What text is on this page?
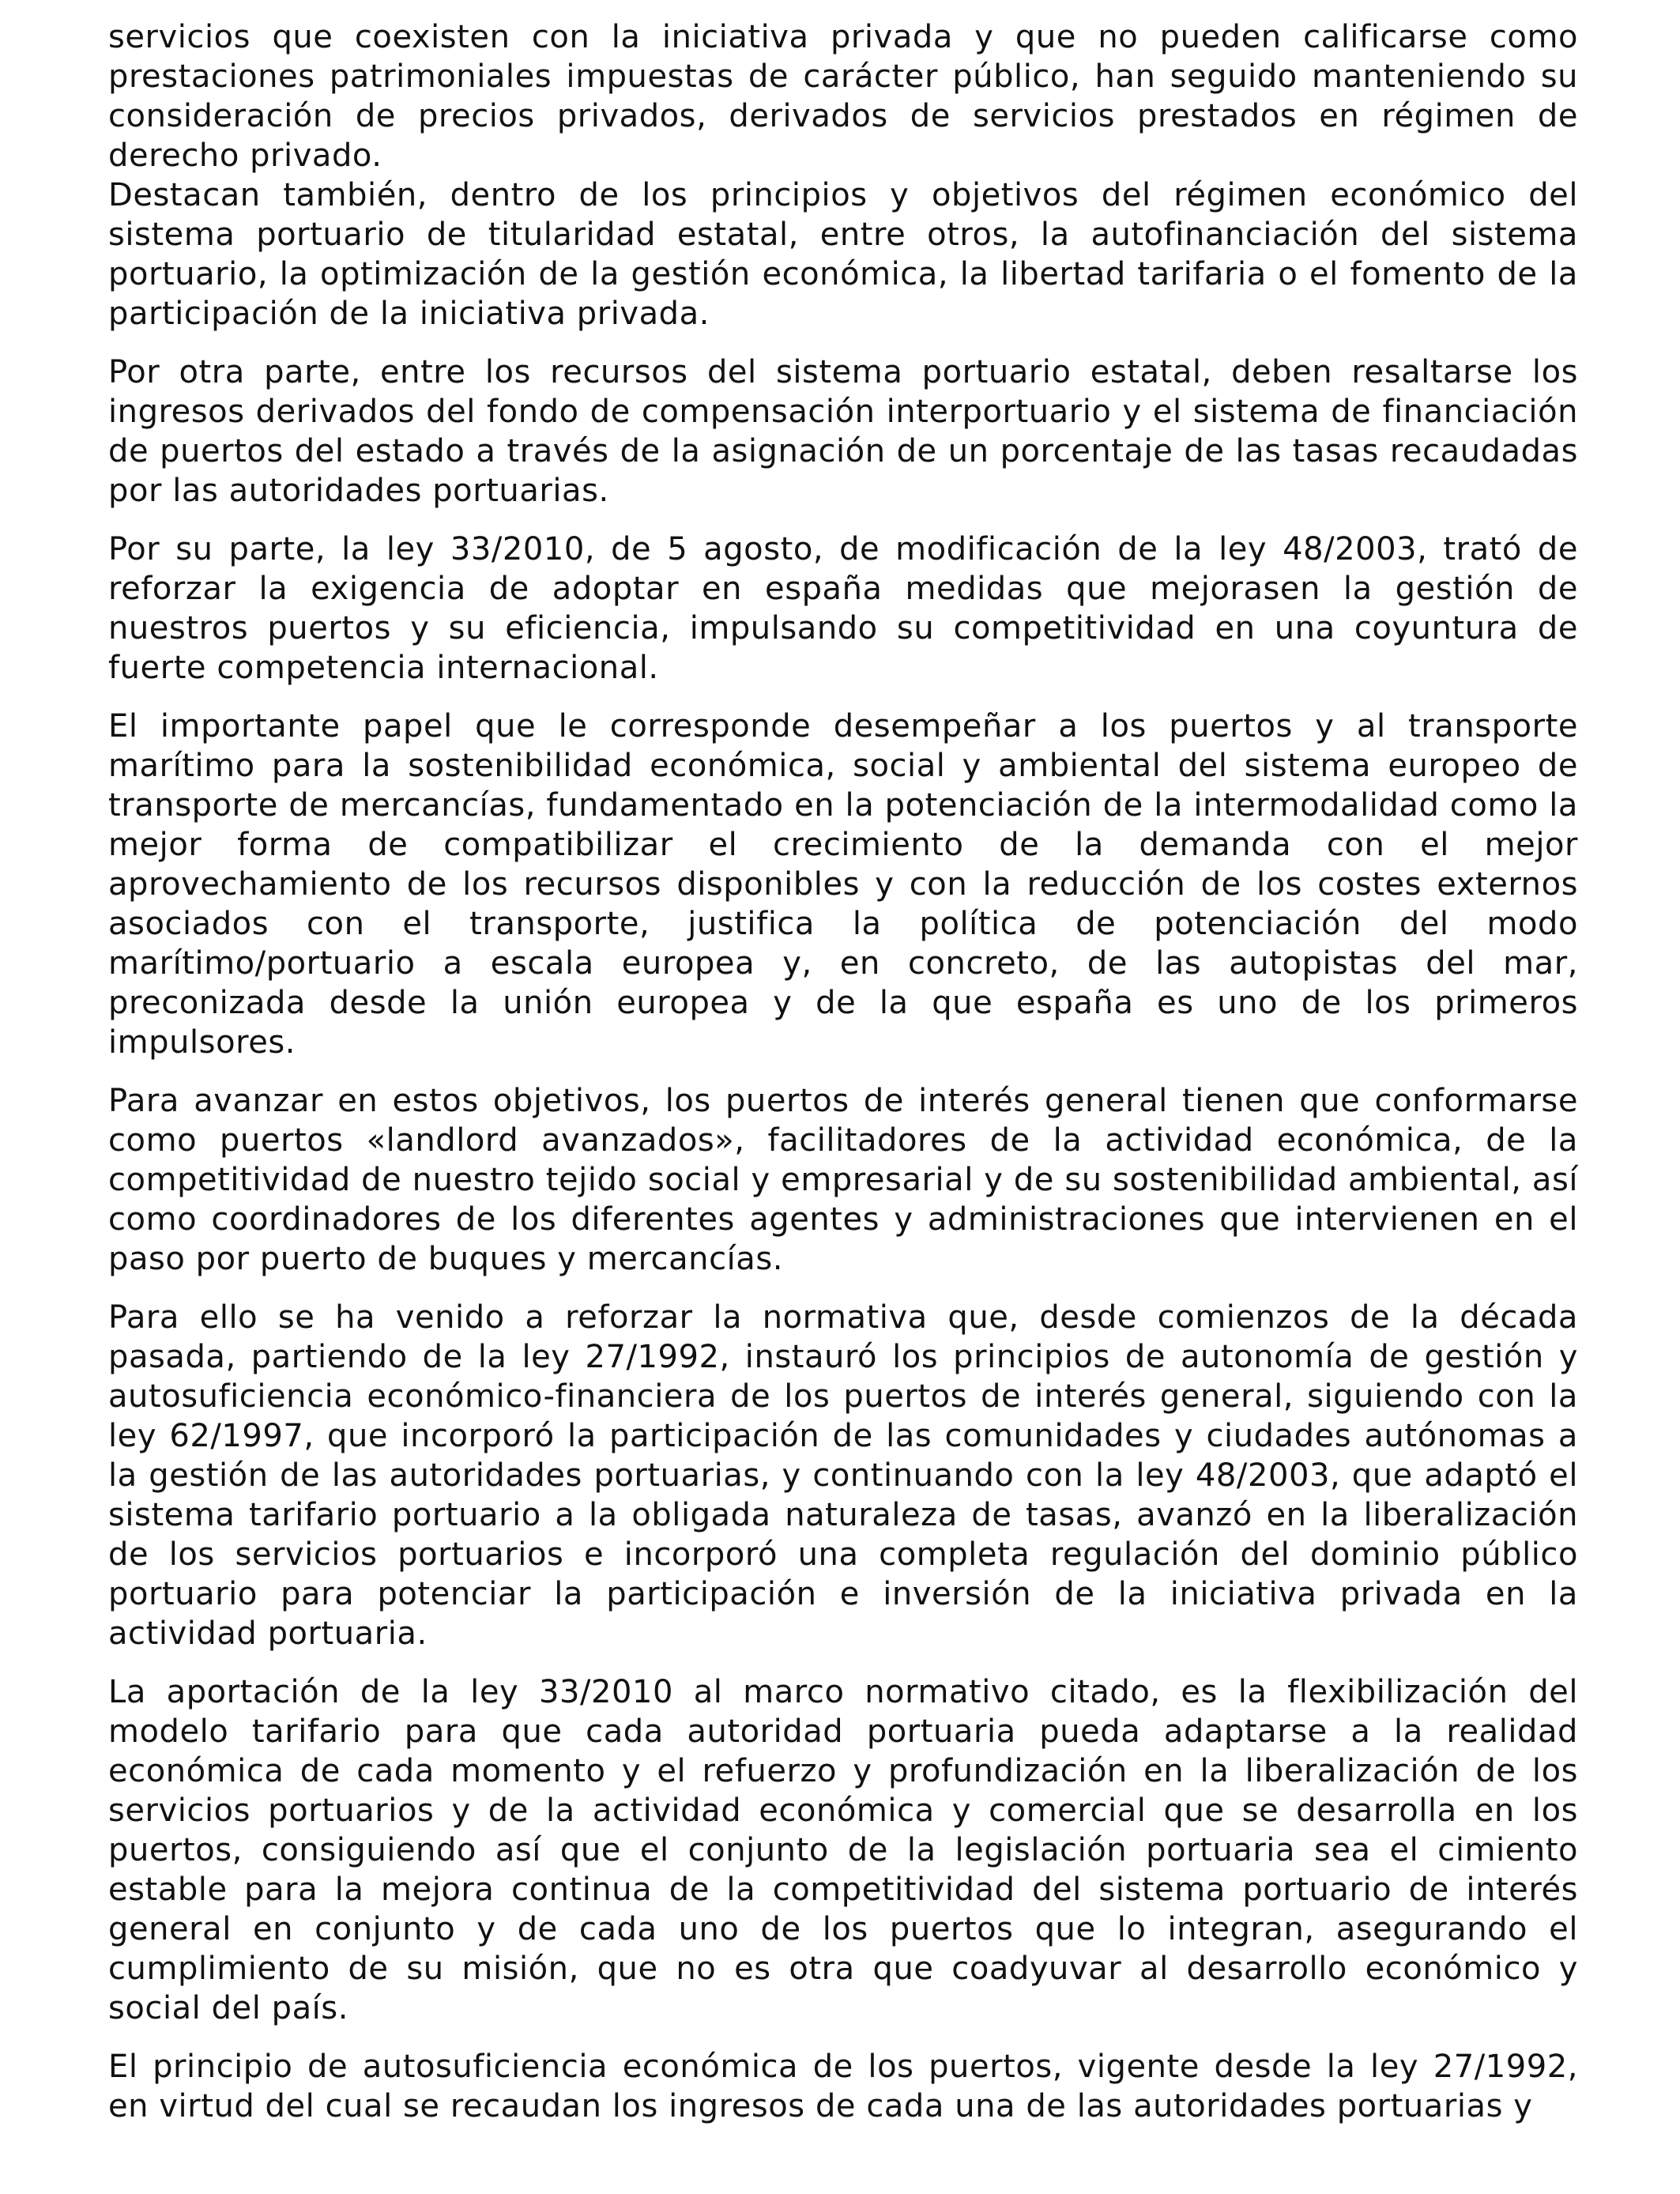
servicios que coexisten con la iniciativa privada y que no pueden calificarse como prestaciones patrimoniales impuestas de carácter público, han seguido manteniendo su consideración de precios privados, derivados de servicios prestados en régimen de derecho privado.

Destacan también, dentro de los principios y objetivos del régimen económico del sistema portuario de titularidad estatal, entre otros, la autofinanciación del sistema portuario, la optimización de la gestión económica, la libertad tarifaria o el fomento de la participación de la iniciativa privada.

Por otra parte, entre los recursos del sistema portuario estatal, deben resaltarse los ingresos derivados del fondo de compensación interportuario y el sistema de financiación de puertos del estado a través de la asignación de un porcentaje de las tasas recaudadas por las autoridades portuarias.

Por su parte, la ley 33/2010, de 5 agosto, de modificación de la ley 48/2003, trató de reforzar la exigencia de adoptar en españa medidas que mejorasen la gestión de nuestros puertos y su eficiencia, impulsando su competitividad en una coyuntura de fuerte competencia internacional.

El importante papel que le corresponde desempeñar a los puertos y al transporte marítimo para la sostenibilidad económica, social y ambiental del sistema europeo de transporte de mercancías, fundamentado en la potenciación de la intermodalidad como la mejor forma de compatibilizar el crecimiento de la demanda con el mejor aprovechamiento de los recursos disponibles y con la reducción de los costes externos asociados con el transporte, justifica la política de potenciación del modo marítimo/portuario a escala europea y, en concreto, de las autopistas del mar, preconizada desde la unión europea y de la que españa es uno de los primeros impulsores.

Para avanzar en estos objetivos, los puertos de interés general tienen que conformarse como puertos «landlord avanzados», facilitadores de la actividad económica, de la competitividad de nuestro tejido social y empresarial y de su sostenibilidad ambiental, así como coordinadores de los diferentes agentes y administraciones que intervienen en el paso por puerto de buques y mercancías.

Para ello se ha venido a reforzar la normativa que, desde comienzos de la década pasada, partiendo de la ley 27/1992, instauró los principios de autonomía de gestión y autosuficiencia económico-financiera de los puertos de interés general, siguiendo con la ley 62/1997, que incorporó la participación de las comunidades y ciudades autónomas a la gestión de las autoridades portuarias, y continuando con la ley 48/2003, que adaptó el sistema tarifario portuario a la obligada naturaleza de tasas, avanzó en la liberalización de los servicios portuarios e incorporó una completa regulación del dominio público portuario para potenciar la participación e inversión de la iniciativa privada en la actividad portuaria.

La aportación de la ley 33/2010 al marco normativo citado, es la flexibilización del modelo tarifario para que cada autoridad portuaria pueda adaptarse a la realidad económica de cada momento y el refuerzo y profundización en la liberalización de los servicios portuarios y de la actividad económica y comercial que se desarrolla en los puertos, consiguiendo así que el conjunto de la legislación portuaria sea el cimiento estable para la mejora continua de la competitividad del sistema portuario de interés general en conjunto y de cada uno de los puertos que lo integran, asegurando el cumplimiento de su misión, que no es otra que coadyuvar al desarrollo económico y social del país.

El principio de autosuficiencia económica de los puertos, vigente desde la ley 27/1992, en virtud del cual se recaudan los ingresos de cada una de las autoridades portuarias y
